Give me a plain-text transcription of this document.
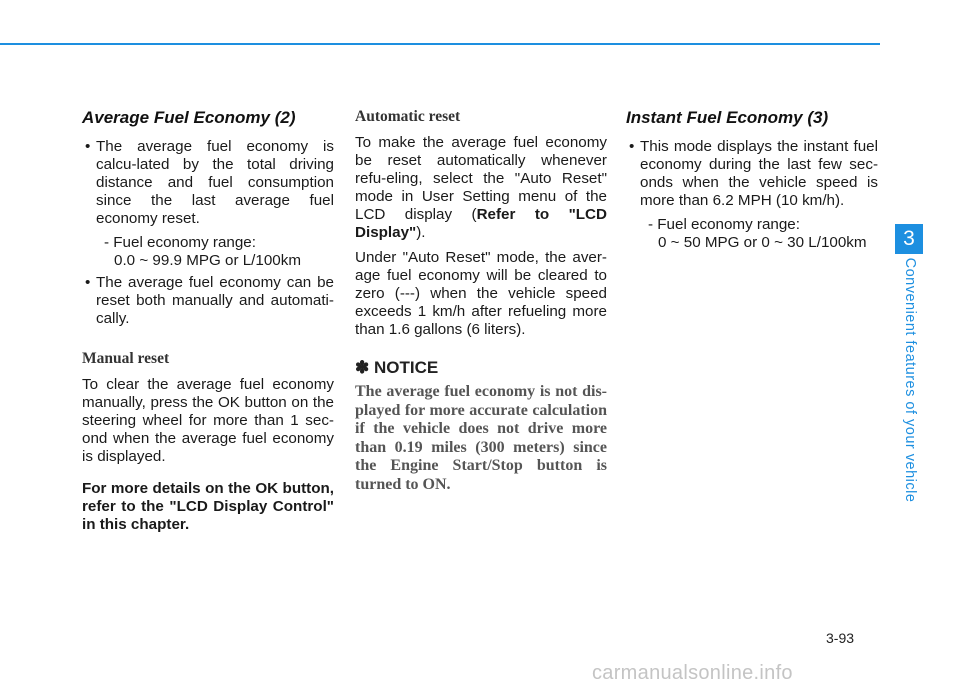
Average Fuel Economy (2)
• The average fuel economy is calcu-lated by the total driving distance and fuel consumption since the last average fuel economy reset.

- Fuel economy range:

0.0 ~ 99.9 MPG or L/100km

• The average fuel economy can be reset both manually and automati-cally.
Manual reset

To clear the average fuel economy manually, press the OK button on the steering wheel for more than 1 sec-ond when the average fuel economy is displayed.

For more details on the OK button, refer to the "LCD Display Control" in this chapter.

Automatic reset

To make the average fuel economy be reset automatically whenever refu-eling, select the "Auto Reset" mode in User Setting menu of the LCD display (Refer to "LCD Display").

Under "Auto Reset" mode, the aver-age fuel economy will be cleared to zero (---) when the vehicle speed exceeds 1 km/h after refueling more than 1.6 gallons (6 liters).

✽ NOTICE

The average fuel economy is not dis-played for more accurate calculation if the vehicle does not drive more than 0.19 miles (300 meters) since the Engine Start/Stop button is turned to ON.

Instant Fuel Economy (3)
• This mode displays the instant fuel economy during the last few sec-onds when the vehicle speed is more than 6.2 MPH (10 km/h).

- Fuel economy range:

0 ~ 50 MPG or 0 ~ 30 L/100km	3
Convenient features of your vehicle
3-93
carmanualsonline.info
